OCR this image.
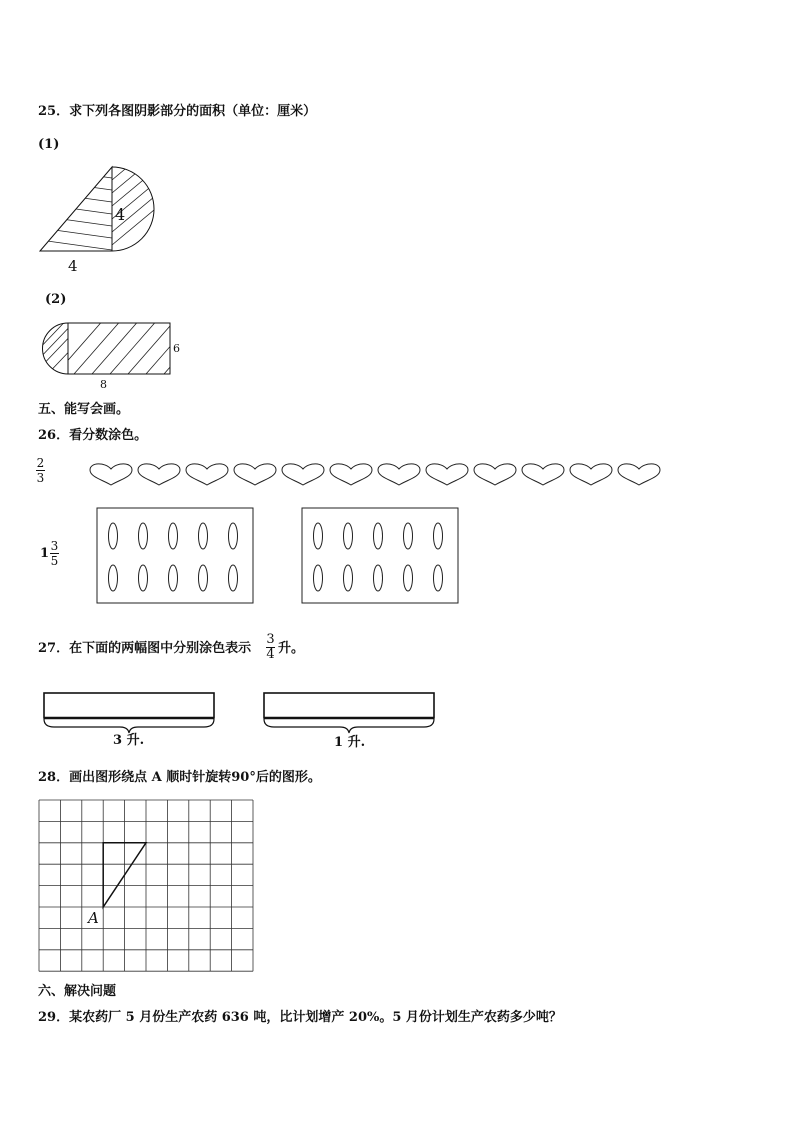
25．求下列各图阴影部分的面积（单位：厘米）
(1)
4
4
(2)
6
8
五、能写会画。
26．看分数涂色。
2
3
1 3
5
27．在下面的两幅图中分别涂色表示
3
4 升。
3 升.	1 升.
28．画出图形绕点 A 顺时针旋转90°后的图形。
A
六、解决问题
29．某农药厂 5 月份生产农药 636 吨，比计划增产 20%。5 月份计划生产农药多少吨？
